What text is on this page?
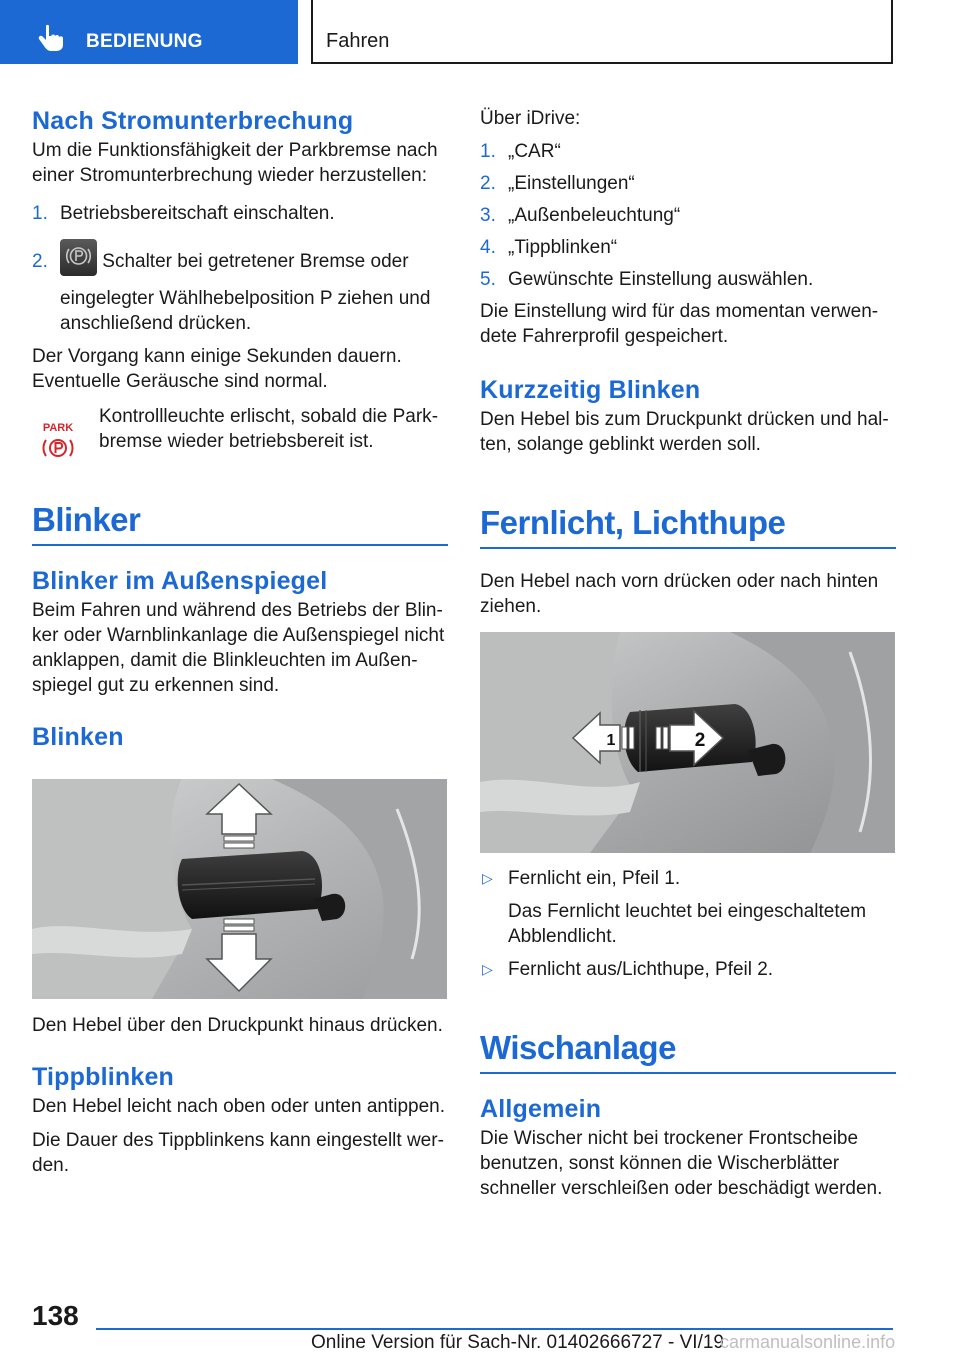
BEDIENUNG	Fahren
Nach Stromunterbrechung

Um die Funktionsfähigkeit der Parkbremse nach einer Stromunterbrechung wieder herzustellen:

1. Betriebsbereitschaft einschalten.
2.	Schalter bei getretener Bremse oder eingelegter Wählhebelposition P ziehen und anschließend drücken.

Der Vorgang kann einige Sekunden dauern. Eventuelle Geräusche sind normal.

PARK

Kontrollleuchte erlischt, sobald die Parkbremse wieder betriebsbereit ist.

Blinker
Blinker im Außenspiegel

Beim Fahren und während des Betriebs der Blinker oder Warnblinkanlage die Außenspiegel nicht anklappen, damit die Blinkleuchten im Außenspiegel gut zu erkennen sind.

Blinken

Den Hebel über den Druckpunkt hinaus drücken.

Tippblinken

Den Hebel leicht nach oben oder unten antippen.

Die Dauer des Tippblinkens kann eingestellt werden.

Über iDrive:

1. „CAR“
2. „Einstellungen“
3. „Außenbeleuchtung“
4. „Tippblinken“
5. Gewünschte Einstellung auswählen.

Die Einstellung wird für das momentan verwendete Fahrerprofil gespeichert.

Kurzzeitig Blinken

Den Hebel bis zum Druckpunkt drücken und halten, solange geblinkt werden soll.

Fernlicht, Lichthupe

Den Hebel nach vorn drücken oder nach hinten ziehen.

1	2
▷ Fernlicht ein, Pfeil 1.
Das Fernlicht leuchtet bei eingeschaltetem Abblendlicht.
▷ Fernlicht aus/Lichthupe, Pfeil 2.
Wischanlage
Allgemein

Die Wischer nicht bei trockener Frontscheibe benutzen, sonst können die Wischerblätter schneller verschleißen oder beschädigt werden.

138
Online Version für Sach-Nr. 01402666727 - VI/19
carmanualsonline.info
